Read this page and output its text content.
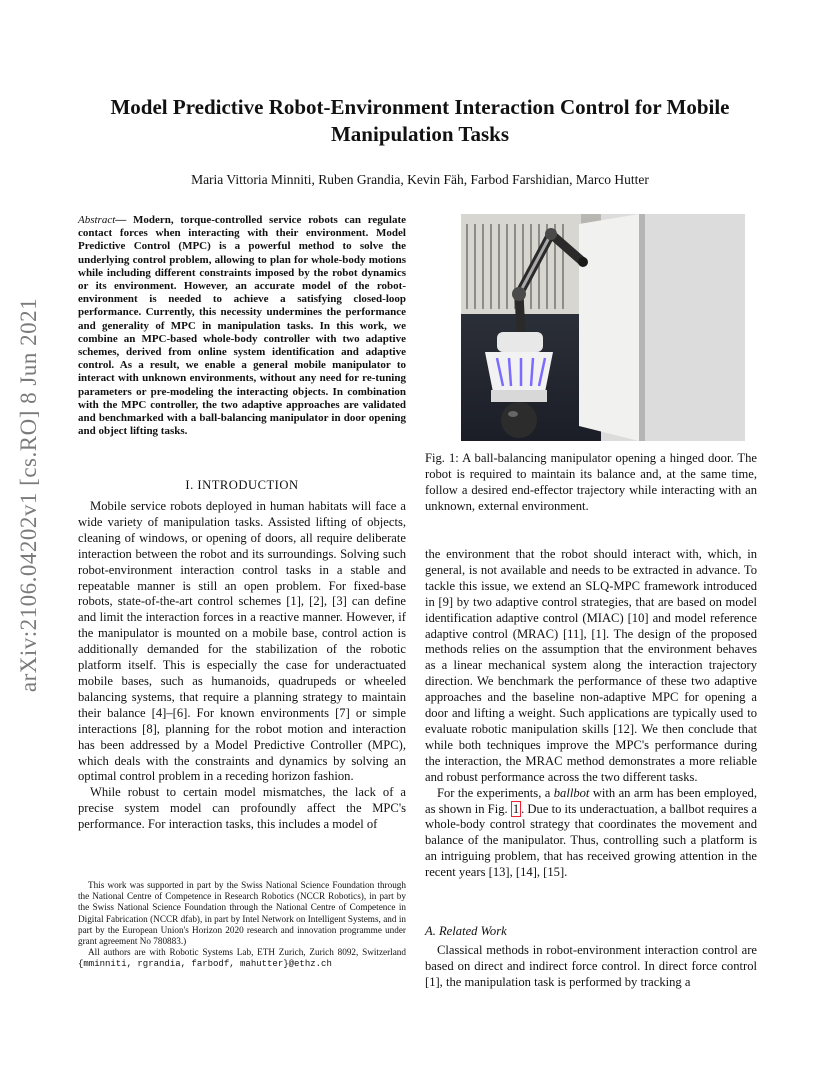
arXiv:2106.04202v1 [cs.RO] 8 Jun 2021
Model Predictive Robot-Environment Interaction Control for Mobile Manipulation Tasks

Maria Vittoria Minniti, Ruben Grandia, Kevin Fäh, Farbod Farshidian, Marco Hutter

Abstract— Modern, torque-controlled service robots can regulate contact forces when interacting with their environment. Model Predictive Control (MPC) is a powerful method to solve the underlying control problem, allowing to plan for whole-body motions while including different constraints imposed by the robot dynamics or its environment. However, an accurate model of the robot-environment is needed to achieve a satisfying closed-loop performance. Currently, this necessity undermines the performance and generality of MPC in manipulation tasks. In this work, we combine an MPC-based whole-body controller with two adaptive schemes, derived from online system identification and adaptive control. As a result, we enable a general mobile manipulator to interact with unknown environments, without any need for re-tuning parameters or pre-modeling the interacting objects. In combination with the MPC controller, the two adaptive approaches are validated and benchmarked with a ball-balancing manipulator in door opening and object lifting tasks.

I. INTRODUCTION

Mobile service robots deployed in human habitats will face a wide variety of manipulation tasks. Assisted lifting of objects, cleaning of windows, or opening of doors, all require deliberate interaction between the robot and its surroundings. Solving such robot-environment interaction control tasks in a stable and repeatable manner is still an open problem. For fixed-base robots, state-of-the-art control schemes [1], [2], [3] can define and limit the interaction forces in a reactive manner. However, if the manipulator is mounted on a mobile base, control action is additionally demanded for the stabilization of the robotic platform itself. This is especially the case for underactuated mobile bases, such as humanoids, quadrupeds or wheeled balancing systems, that require a planning strategy to maintain their balance [4]–[6]. For known environments [7] or simple interactions [8], planning for the robot motion and interaction has been addressed by a Model Predictive Controller (MPC), which deals with the constraints and dynamics by solving an optimal control problem in a receding horizon fashion.

While robust to certain model mismatches, the lack of a precise system model can profoundly affect the MPC's performance. For interaction tasks, this includes a model of

This work was supported in part by the Swiss National Science Foundation through the National Centre of Competence in Research Robotics (NCCR Robotics), in part by the Swiss National Science Foundation through the National Centre of Competence in Digital Fabrication (NCCR dfab), in part by Intel Network on Intelligent Systems, and in part by the European Union's Horizon 2020 research and innovation programme under grant agreement No 780883.)

All authors are with Robotic Systems Lab, ETH Zurich, Zurich 8092, Switzerland {mminniti, rgrandia, farbodf, mahutter}@ethz.ch

Fig. 1: A ball-balancing manipulator opening a hinged door. The robot is required to maintain its balance and, at the same time, follow a desired end-effector trajectory while interacting with an unknown, external environment.

the environment that the robot should interact with, which, in general, is not available and needs to be extracted in advance. To tackle this issue, we extend an SLQ-MPC framework introduced in [9] by two adaptive control strategies, that are based on model identification adaptive control (MIAC) [10] and model reference adaptive control (MRAC) [11], [1]. The design of the proposed methods relies on the assumption that the environment behaves as a linear mechanical system along the interaction trajectory direction. We benchmark the performance of these two adaptive approaches and the baseline non-adaptive MPC for opening a door and lifting a weight. Such applications are typically used to evaluate robotic manipulation skills [12]. We then conclude that while both techniques improve the MPC's performance during the interaction, the MRAC method demonstrates a more reliable and robust performance across the two different tasks.

For the experiments, a ballbot with an arm has been employed, as shown in Fig. 1 . Due to its underactuation, a ballbot requires a whole-body control strategy that coordinates the movement and balance of the manipulator. Thus, controlling such a platform is an intriguing problem, that has received growing attention in the recent years [13], [14], [15].

A. Related Work

Classical methods in robot-environment interaction control are based on direct and indirect force control. In direct force control [1], the manipulation task is performed by tracking a
